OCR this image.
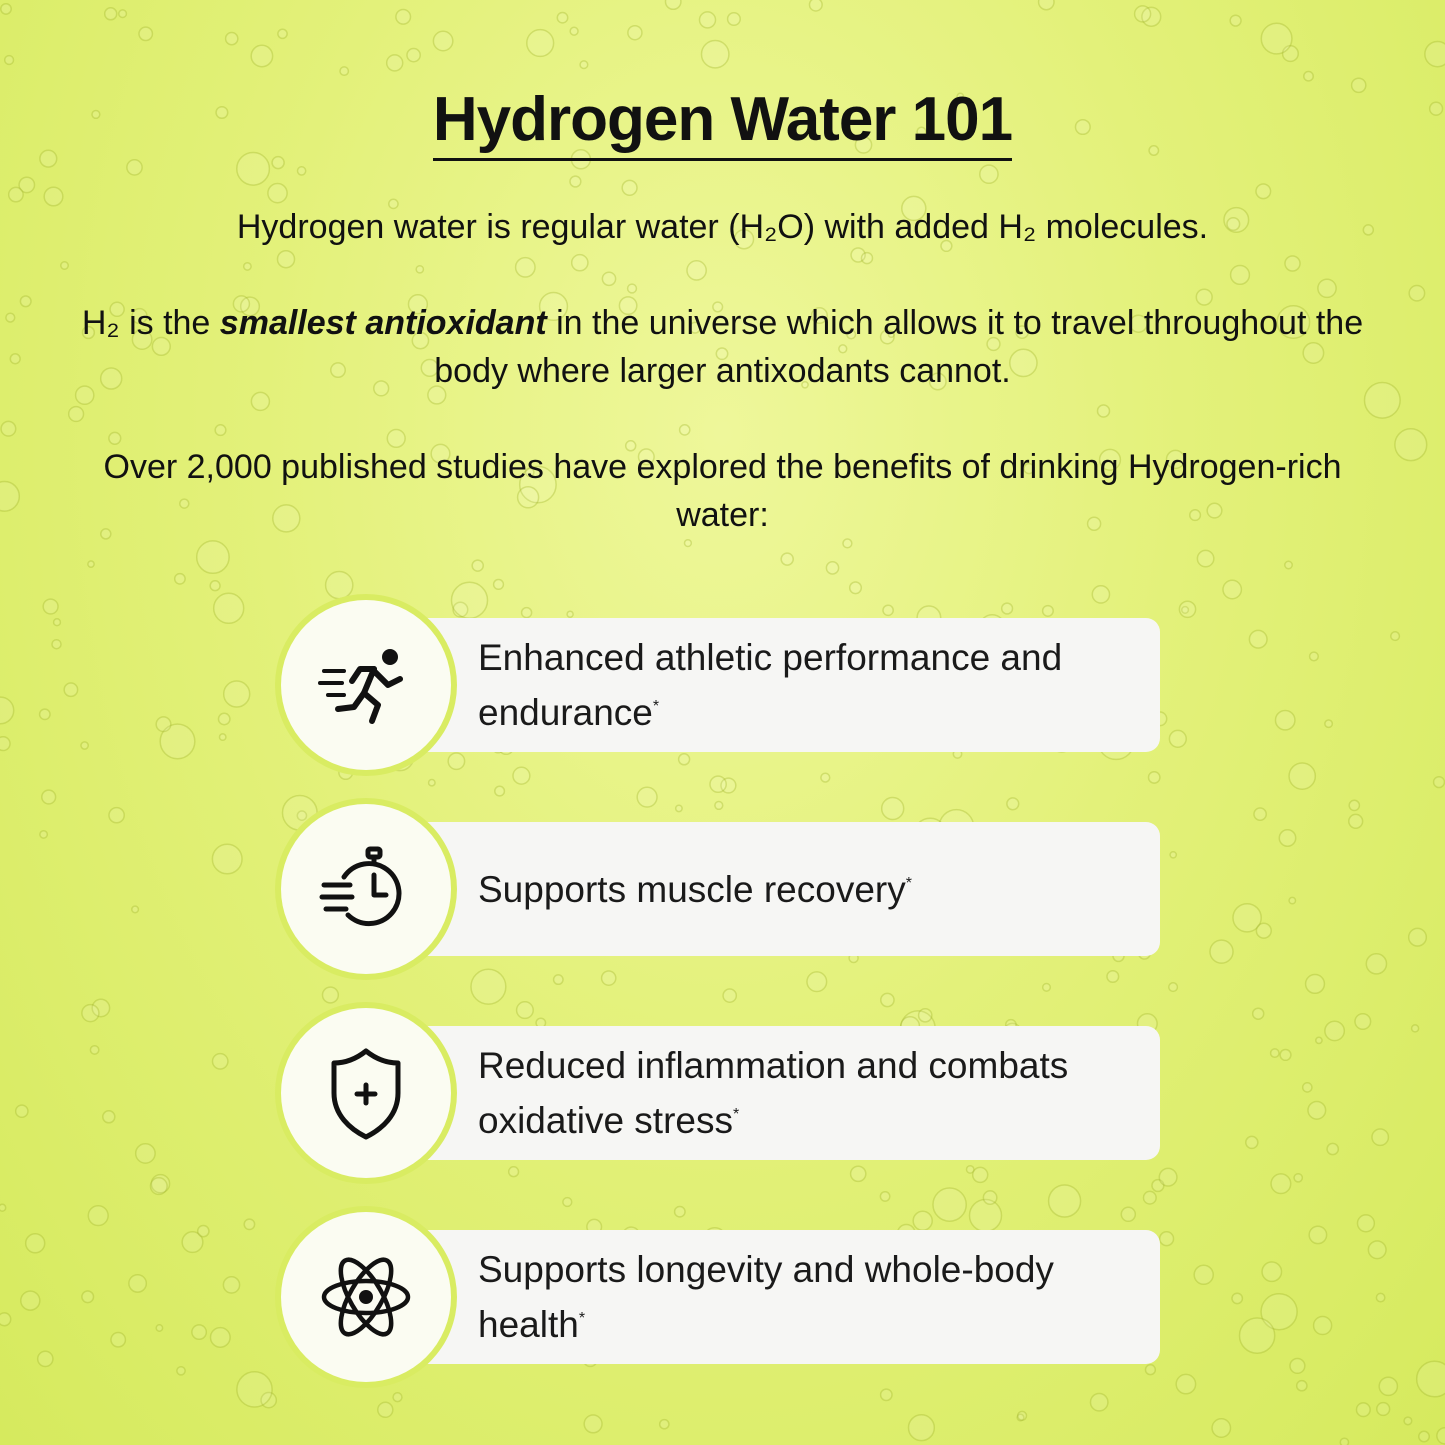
Hydrogen Water 101

Hydrogen water is regular water (H₂O) with added H₂ molecules.

H₂ is the smallest antioxidant in the universe which allows it to travel throughout the body where larger antixodants cannot.

Over 2,000 published studies have explored the benefits of drinking Hydrogen-rich water:

Enhanced athletic performance and endurance*
Supports muscle recovery*
Reduced inflammation and combats oxidative stress*
Supports longevity and whole-body health*
